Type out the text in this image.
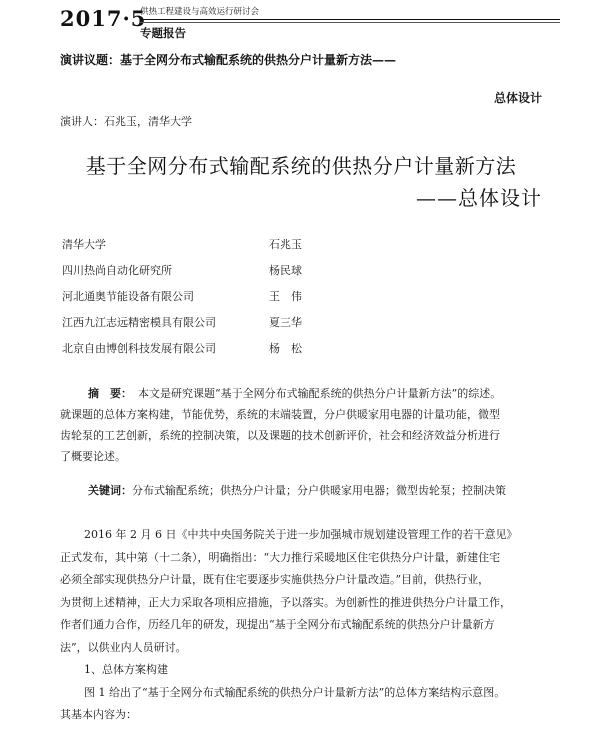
2017·5
供热工程建设与高效运行研讨会
专题报告
演讲议题：基于全网分布式输配系统的供热分户计量新方法——
总体设计
演讲人：石兆玉，清华大学
基于全网分布式输配系统的供热分户计量新方法
——总体设计
清华大学	石兆玉
四川热尚自动化研究所	杨民球
河北通奥节能设备有限公司	王　伟
江西九江志远精密模具有限公司	夏三华
北京自由博创科技发展有限公司	杨　松
摘　要： 本文是研究课题“基于全网分布式输配系统的供热分户计量新方法”的综述。
就课题的总体方案构建，节能优势，系统的末端装置，分户供暖家用电器的计量功能，微型
齿轮泵的工艺创新，系统的控制决策，以及课题的技术创新评价，社会和经济效益分析进行
了概要论述。
关键词：分布式输配系统；供热分户计量；分户供暖家用电器；微型齿轮泵；控制决策
2016 年 2 月 6 日《中共中央国务院关于进一步加强城市规划建设管理工作的若干意见》
正式发布，其中第（十二条），明确指出：“大力推行采暖地区住宅供热分户计量，新建住宅
必须全部实现供热分户计量，既有住宅要逐步实施供热分户计量改造。”目前，供热行业，
为贯彻上述精神，正大力采取各项相应措施，予以落实。为创新性的推进供热分户计量工作，
作者们通力合作，历经几年的研发，现提出“基于全网分布式输配系统的供热分户计量新方
法”，以供业内人员研讨。
1、总体方案构建
图 1 给出了“基于全网分布式输配系统的供热分户计量新方法”的总体方案结构示意图。
其基本内容为：
